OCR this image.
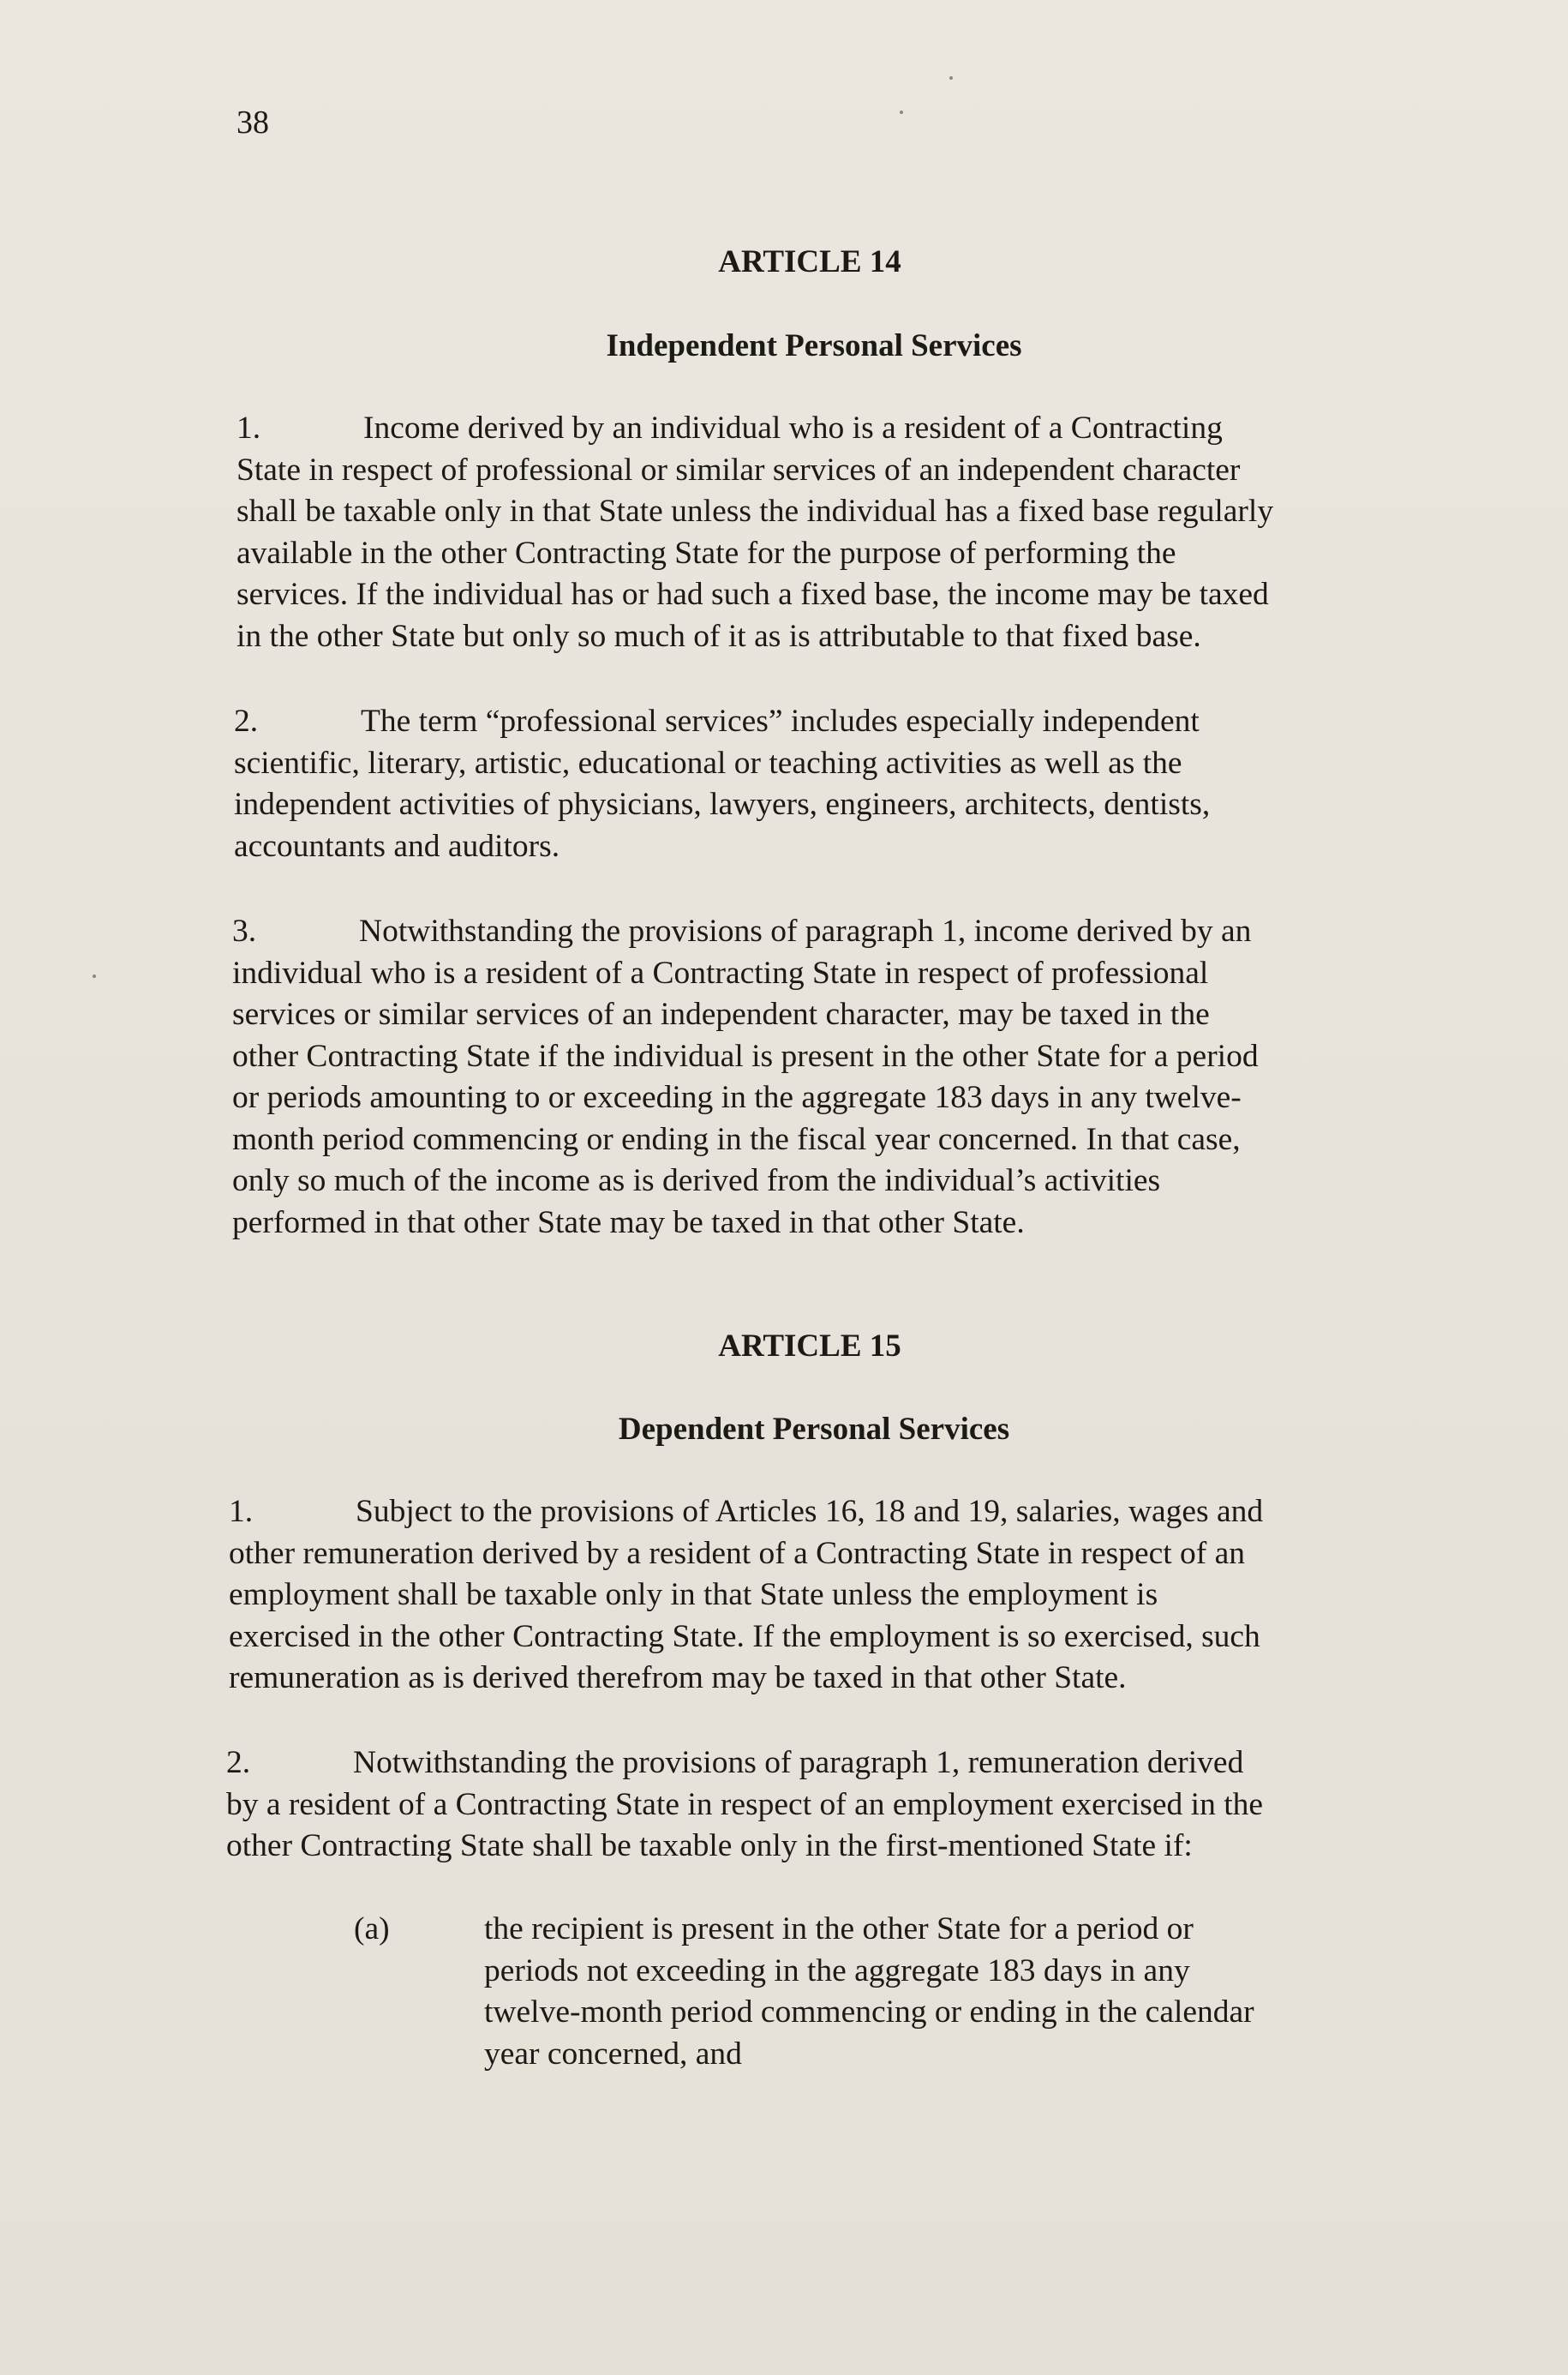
38
ARTICLE 14
Independent Personal Services
1.	Income derived by an individual who is a resident of a Contracting
State in respect of professional or similar services of an independent character
shall be taxable only in that State unless the individual has a fixed base regularly
available in the other Contracting State for the purpose of performing the
services. If the individual has or had such a fixed base, the income may be taxed
in the other State but only so much of it as is attributable to that fixed base.
2.	The term “professional services” includes especially independent
scientific, literary, artistic, educational or teaching activities as well as the
independent activities of physicians, lawyers, engineers, architects, dentists,
accountants and auditors.
3.	Notwithstanding the provisions of paragraph 1, income derived by an
individual who is a resident of a Contracting State in respect of professional
services or similar services of an independent character, may be taxed in the
other Contracting State if the individual is present in the other State for a period
or periods amounting to or exceeding in the aggregate 183 days in any twelve-
month period commencing or ending in the fiscal year concerned. In that case,
only so much of the income as is derived from the individual’s activities
performed in that other State may be taxed in that other State.
ARTICLE 15
Dependent Personal Services
1.	Subject to the provisions of Articles 16, 18 and 19, salaries, wages and
other remuneration derived by a resident of a Contracting State in respect of an
employment shall be taxable only in that State unless the employment is
exercised in the other Contracting State. If the employment is so exercised, such
remuneration as is derived therefrom may be taxed in that other State.
2.	Notwithstanding the provisions of paragraph 1, remuneration derived
by a resident of a Contracting State in respect of an employment exercised in the
other Contracting State shall be taxable only in the first-mentioned State if:
(a)	the recipient is present in the other State for a period or
periods not exceeding in the aggregate 183 days in any
twelve-month period commencing or ending in the calendar
year concerned, and
